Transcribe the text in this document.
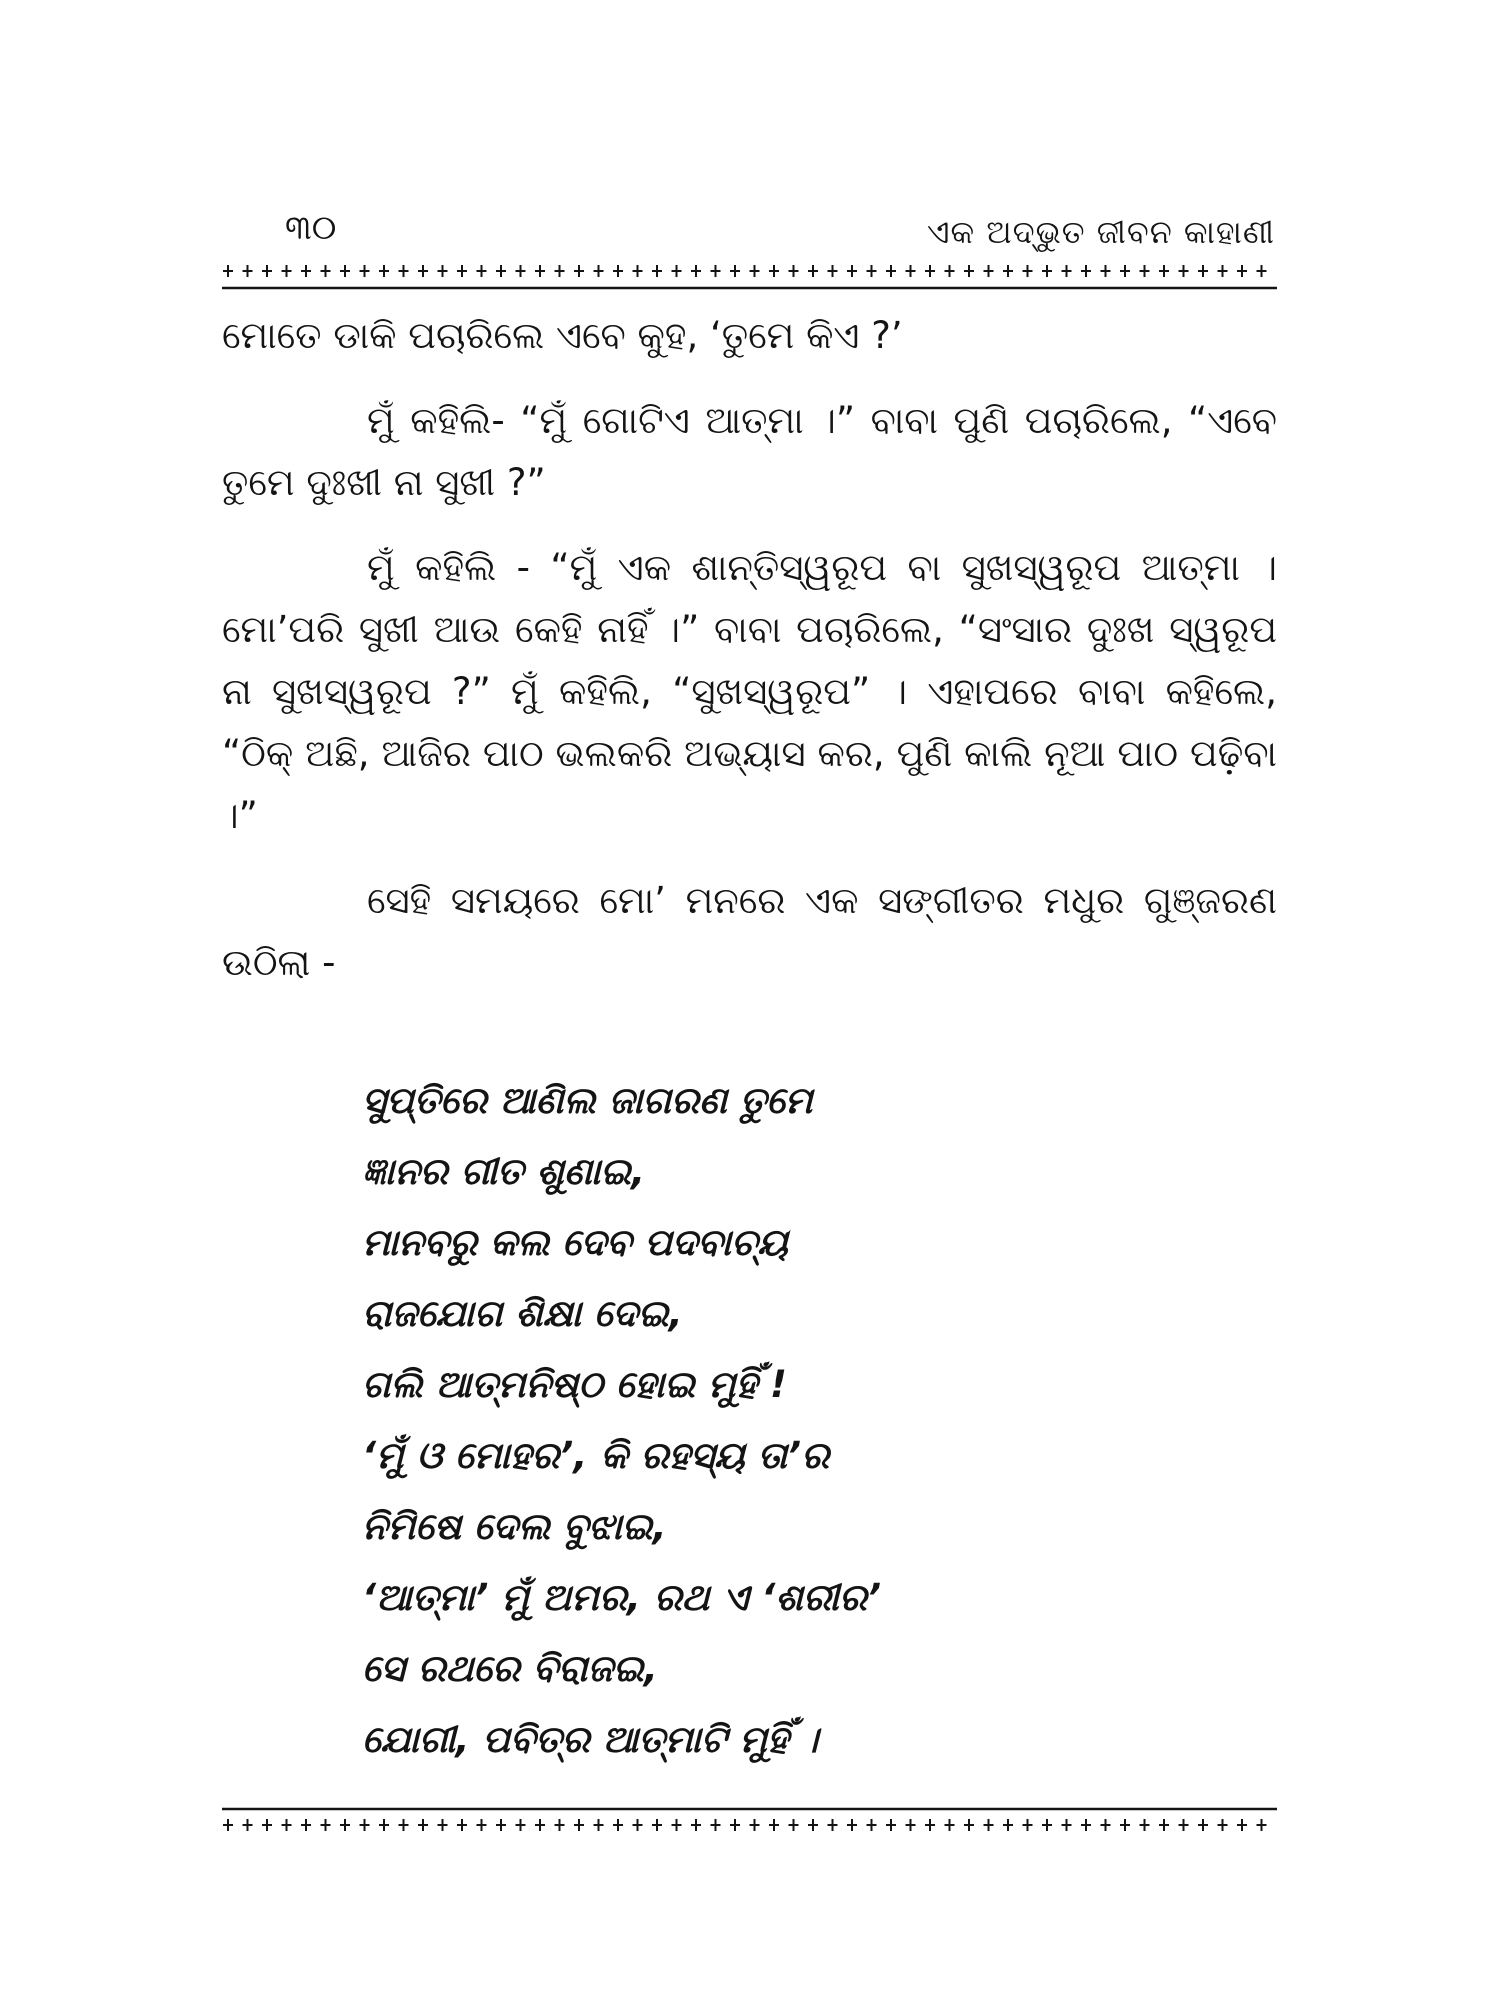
୩୦	ଏକ ଅଦ୍ଭୁତ ଜୀବନ କାହାଣୀ

ମୋତେ ଡାକି ପଚାରିଲେ ଏବେ କୁହ, ‘ତୁମେ କିଏ ?’

ମୁଁ କହିଲି- “ମୁଁ ଗୋଟିଏ ଆତ୍ମା ।” ବାବା ପୁଣି ପଚାରିଲେ, “ଏବେ ତୁମେ ଦୁଃଖୀ ନା ସୁଖୀ ?”

ମୁଁ କହିଲି - “ମୁଁ ଏକ ଶାନ୍ତିସ୍ୱରୂପ ବା ସୁଖସ୍ୱରୂପ ଆତ୍ମା । ମୋ’ପରି ସୁଖୀ ଆଉ କେହି ନାହିଁ ।” ବାବା ପଚାରିଲେ, “ସଂସାର ଦୁଃଖ ସ୍ୱରୂପ ନା ସୁଖସ୍ୱରୂପ ?” ମୁଁ କହିଲି, “ସୁଖସ୍ୱରୂପ” । ଏହାପରେ ବାବା କହିଲେ, “ଠିକ୍ ଅଛି, ଆଜିର ପାଠ ଭଲକରି ଅଭ୍ୟାସ କର, ପୁଣି କାଲି ନୂଆ ପାଠ ପଢ଼ିବା ।”

ସେହି ସମୟରେ ମୋ’ ମନରେ ଏକ ସଙ୍ଗୀତର ମଧୁର ଗୁଞ୍ଜରଣ ଉଠିଲା -

ସୁପ୍ତିରେ ଆଣିଲ ଜାଗରଣ ତୁମେ
ଜ୍ଞାନର ଗୀତ ଶୁଣାଇ,
ମାନବରୁ କଲ ଦେବ ପଦବାଚ୍ୟ
ରାଜଯୋଗ ଶିକ୍ଷା ଦେଇ,
ଗଲି ଆତ୍ମନିଷ୍ଠ ହୋଇ ମୁହିଁ !
‘ମୁଁ ଓ ମୋହର’, କି ରହସ୍ୟ ତା’ର
ନିମିଷେ ଦେଲ ବୁଝାଇ,
‘ଆତ୍ମା’ ମୁଁ ଅମର, ରଥ ଏ ‘ଶରୀର’
ସେ ରଥରେ ବିରାଜଇ,
ଯୋଗୀ, ପବିତ୍ର ଆତ୍ମାଟି ମୁହିଁ ।
